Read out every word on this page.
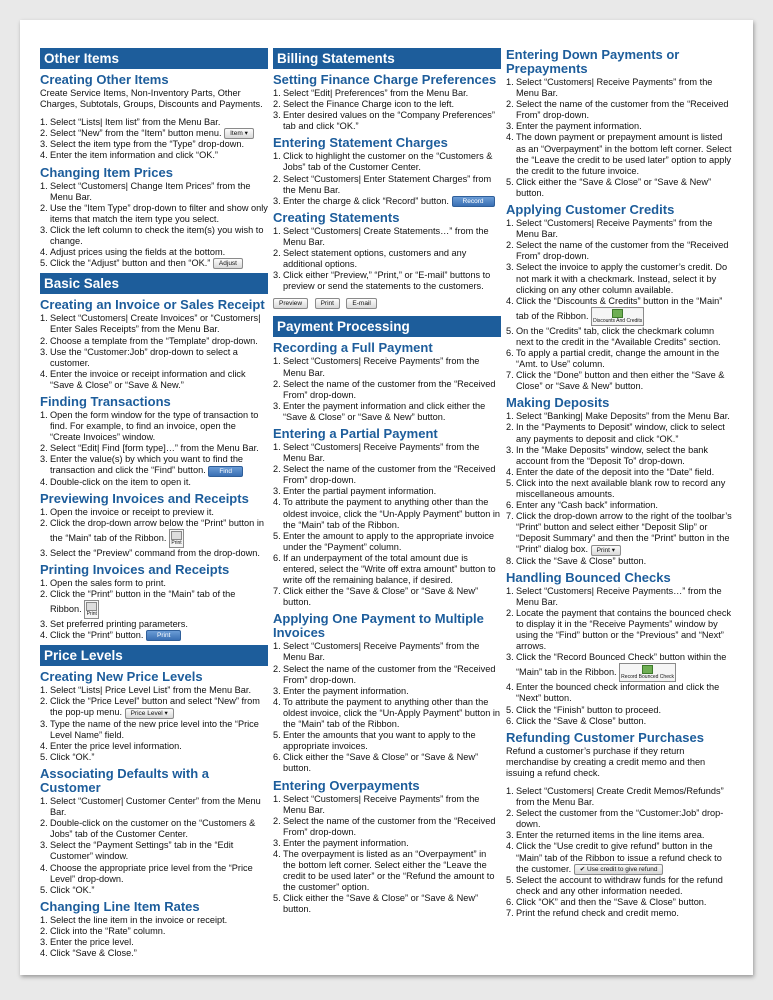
Other Items
Creating Other Items

Create Service Items, Non-Inventory Parts, Other Charges, Subtotals, Groups, Discounts and Payments.

1. Select “Lists| Item list” from the Menu Bar.
2. Select “New” from the “Item” button menu. Item ▾
3. Select the item type from the “Type” drop-down.
4. Enter the item information and click “OK.”
Changing Item Prices
1. Select “Customers| Change Item Prices” from the Menu Bar.
2. Use the “Item Type” drop-down to filter and show only items that match the item type you select.
3. Click the left column to check the item(s) you wish to change.
4. Adjust prices using the fields at the bottom.
5. Click the “Adjust” button and then “OK.” Adjust
Basic Sales
Creating an Invoice or Sales Receipt
1. Select “Customers| Create Invoices” or “Customers| Enter Sales Receipts” from the Menu Bar.
2. Choose a template from the “Template” drop-down.
3. Use the “Customer:Job” drop-down to select a customer.
4. Enter the invoice or receipt information and click “Save & Close” or “Save & New.”
Finding Transactions
1. Open the form window for the type of transaction to find. For example, to find an invoice, open the “Create Invoices” window.
2. Select “Edit| Find [form type]…” from the Menu Bar.
3. Enter the value(s) by which you want to find the transaction and click the “Find” button. Find
4. Double-click on the item to open it.
Previewing Invoices and Receipts
1. Open the invoice or receipt to preview it.
2. Click the drop-down arrow below the “Print” button in the “Main” tab of the Ribbon.
Print
3. Select the “Preview” command from the drop-down.
Printing Invoices and Receipts
1. Open the sales form to print.
2. Click the “Print” button in the “Main” tab of the Ribbon.
Print
3. Set preferred printing parameters.
4. Click the “Print” button. Print
Price Levels
Creating New Price Levels
1. Select “Lists| Price Level List” from the Menu Bar.
2. Click the “Price Level” button and select “New” from the pop-up menu. Price Level ▾
3. Type the name of the new price level into the “Price Level Name” field.
4. Enter the price level information.
5. Click “OK.”
Associating Defaults with a Customer
1. Select “Customer| Customer Center” from the Menu Bar.
2. Double-click on the customer on the “Customers & Jobs” tab of the Customer Center.
3. Select the “Payment Settings” tab in the “Edit Customer” window.
4. Choose the appropriate price level from the “Price Level” drop-down.
5. Click “OK.”
Changing Line Item Rates
1. Select the line item in the invoice or receipt.
2. Click into the “Rate” column.
3. Enter the price level.
4. Click “Save & Close.”
Billing Statements
Setting Finance Charge Preferences
1. Select “Edit| Preferences” from the Menu Bar.
2. Select the Finance Charge icon to the left.
3. Enter desired values on the “Company Preferences” tab and click “OK.”
Entering Statement Charges
1. Click to highlight the customer on the “Customers & Jobs” tab of the Customer Center.
2. Select “Customers| Enter Statement Charges” from the Menu Bar.
3. Enter the charge & click “Record” button. Record
Creating Statements
1. Select “Customers| Create Statements…” from the Menu Bar.
2. Select statement options, customers and any additional options.
3. Click either “Preview,” “Print,” or “E-mail” buttons to preview or send the statements to the customers.
Preview	Print	E-mail
Payment Processing
Recording a Full Payment
1. Select “Customers| Receive Payments” from the Menu Bar.
2. Select the name of the customer from the “Received From” drop-down.
3. Enter the payment information and click either the “Save & Close” or “Save & New” button.
Entering a Partial Payment
1. Select “Customers| Receive Payments” from the Menu Bar.
2. Select the name of the customer from the “Received From” drop-down.
3. Enter the partial payment information.
4. To attribute the payment to anything other than the oldest invoice, click the “Un-Apply Payment” button in the “Main” tab of the Ribbon.
5. Enter the amount to apply to the appropriate invoice under the “Payment” column.
6. If an underpayment of the total amount due is entered, select the “Write off extra amount” button to write off the remaining balance, if desired.
7. Click either the “Save & Close” or “Save & New” button.
Applying One Payment to Multiple Invoices
1. Select “Customers| Receive Payments” from the Menu Bar.
2. Select the name of the customer from the “Received From” drop-down.
3. Enter the payment information.
4. To attribute the payment to anything other than the oldest invoice, click the “Un-Apply Payment” button in the “Main” tab of the Ribbon.
5. Enter the amounts that you want to apply to the appropriate invoices.
6. Click either the “Save & Close” or “Save & New” button.
Entering Overpayments
1. Select “Customers| Receive Payments” from the Menu Bar.
2. Select the name of the customer from the “Received From” drop-down.
3. Enter the payment information.
4. The overpayment is listed as an “Overpayment” in the bottom left corner. Select either the “Leave the credit to be used later” or the “Refund the amount to the customer” option.
5. Click either the “Save & Close” or “Save & New” button.
Entering Down Payments or Prepayments
1. Select “Customers| Receive Payments” from the Menu Bar.
2. Select the name of the customer from the “Received From” drop-down.
3. Enter the payment information.
4. The down payment or prepayment amount is listed as an “Overpayment” in the bottom left corner. Select the “Leave the credit to be used later” option to apply the credit to the future invoice.
5. Click either the “Save & Close” or “Save & New” button.
Applying Customer Credits
1. Select “Customers| Receive Payments” from the Menu Bar.
2. Select the name of the customer from the “Received From” drop-down.
3. Select the invoice to apply the customer’s credit. Do not mark it with a checkmark. Instead, select it by clicking on any other column available.
4. Click the “Discounts & Credits” button in the “Main” tab of the Ribbon.
Discounts And Credits
5. On the “Credits” tab, click the checkmark column next to the credit in the “Available Credits” section.
6. To apply a partial credit, change the amount in the “Amt. to Use” column.
7. Click the “Done” button and then either the “Save & Close” or “Save & New” button.
Making Deposits
1. Select “Banking| Make Deposits” from the Menu Bar.
2. In the “Payments to Deposit” window, click to select any payments to deposit and click “OK.”
3. In the “Make Deposits” window, select the bank account from the “Deposit To” drop-down.
4. Enter the date of the deposit into the “Date” field.
5. Click into the next available blank row to record any miscellaneous amounts.
6. Enter any “Cash back” information.
7. Click the drop-down arrow to the right of the toolbar’s “Print” button and select either “Deposit Slip” or “Deposit Summary” and then the “Print” button in the “Print” dialog box. Print ▾
8. Click the “Save & Close” button.
Handling Bounced Checks
1. Select “Customers| Receive Payments…” from the Menu Bar.
2. Locate the payment that contains the bounced check to display it in the “Receive Payments” window by using the “Find” button or the “Previous” and “Next” arrows.
3. Click the “Record Bounced Check” button within the “Main” tab in the Ribbon.
Record Bounced Check
4. Enter the bounced check information and click the “Next” button.
5. Click the “Finish” button to proceed.
6. Click the “Save & Close” button.
Refunding Customer Purchases

Refund a customer’s purchase if they return merchandise by creating a credit memo and then issuing a refund check.

1. Select “Customers| Create Credit Memos/Refunds” from the Menu Bar.
2. Select the customer from the “Customer:Job” drop-down.
3. Enter the returned items in the line items area.
4. Click the “Use credit to give refund” button in the “Main” tab of the Ribbon to issue a refund check to the customer. ✔ Use credit to give refund
5. Select the account to withdraw funds for the refund check and any other information needed.
6. Click “OK” and then the “Save & Close” button.
7. Print the refund check and credit memo.
